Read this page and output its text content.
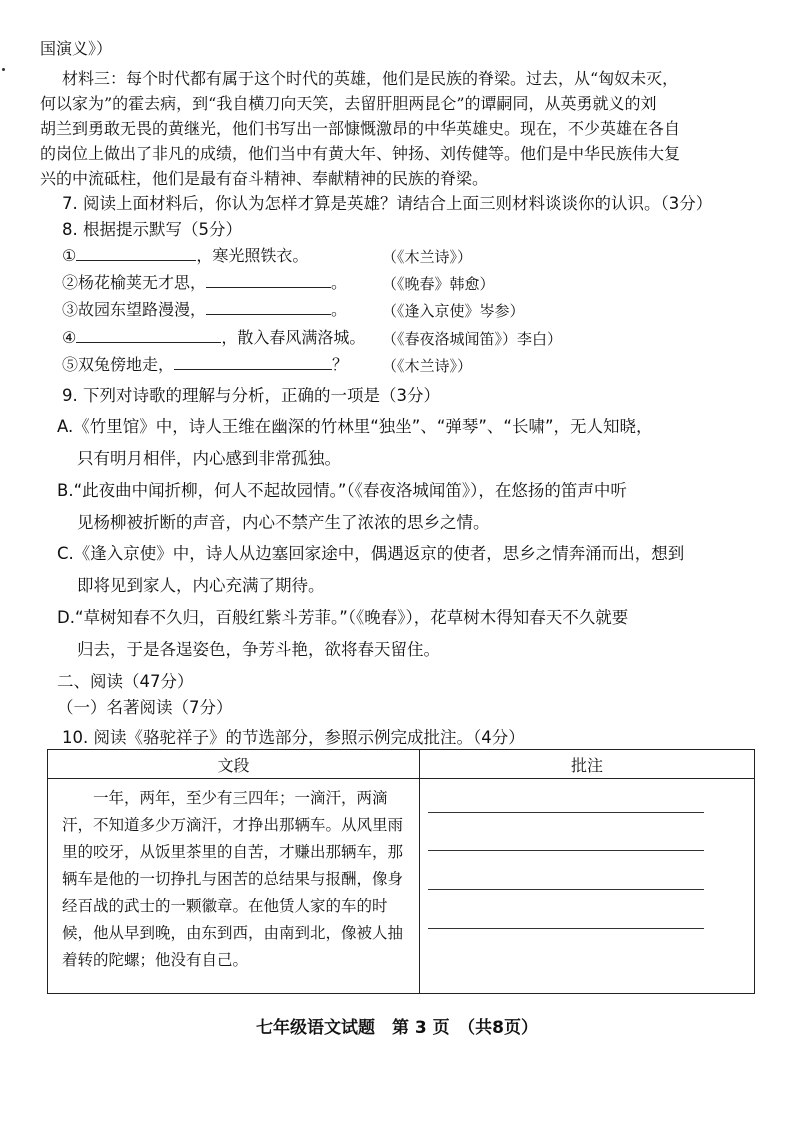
国演义》）
材料三：每个时代都有属于这个时代的英雄，他们是民族的脊梁。过去，从“匈奴未灭，
何以家为”的霍去病，到“我自横刀向天笑，去留肝胆两昆仑”的谭嗣同，从英勇就义的刘
胡兰到勇敢无畏的黄继光，他们书写出一部慷慨激昂的中华英雄史。现在，不少英雄在各自
的岗位上做出了非凡的成绩，他们当中有黄大年、钟扬、刘传健等。他们是中华民族伟大复
兴的中流砥柱，他们是最有奋斗精神、奉献精神的民族的脊梁。
7. 阅读上面材料后，你认为怎样才算是英雄？请结合上面三则材料谈谈你的认识。（3分）
8. 根据提示默写（5分）
①	，寒光照铁衣。	（《木兰诗》）
②杨花榆荚无才思，	。 （《晚春》韩愈）
③故园东望路漫漫，	。 （《逢入京使》岑参）
④	，散入春风满洛城。 （《春夜洛城闻笛》）李白）
⑤双兔傍地走，	？ （《木兰诗》）
9. 下列对诗歌的理解与分析，正确的一项是（3分）
A.《竹里馆》中，诗人王维在幽深的竹林里“独坐”、“弹琴”、“长啸”，无人知晓，
只有明月相伴，内心感到非常孤独。
B.“此夜曲中闻折柳，何人不起故园情。”（《春夜洛城闻笛》），在悠扬的笛声中听
见杨柳被折断的声音，内心不禁产生了浓浓的思乡之情。
C.《逢入京使》中，诗人从边塞回家途中，偶遇返京的使者，思乡之情奔涌而出，想到
即将见到家人，内心充满了期待。
D.“草树知春不久归，百般红紫斗芳菲。”（《晚春》），花草树木得知春天不久就要
归去，于是各逞姿色，争芳斗艳，欲将春天留住。
二、阅读（47分）
（一）名著阅读（7分）
10. 阅读《骆驼祥子》的节选部分，参照示例完成批注。（4分）
文段	批注

一年，两年，至少有三四年；一滴汗，两滴汗，不知道多少万滴汗，才挣出那辆车。从风里雨里的咬牙，从饭里茶里的自苦，才赚出那辆车，那辆车是他的一切挣扎与困苦的总结果与报酬，像身经百战的武士的一颗徽章。在他赁人家的车的时候，他从早到晚，由东到西，由南到北，像被人抽着转的陀螺；他没有自己。	

七年级语文试题　第 3 页　（共8页）
